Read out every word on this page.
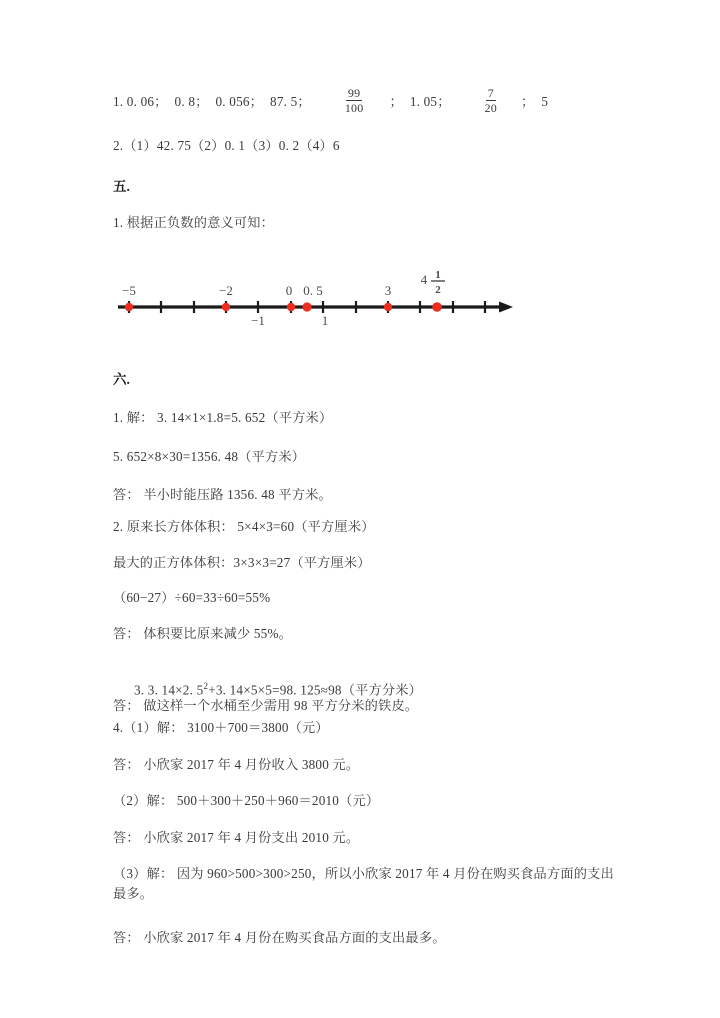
1. 0. 06；  0. 8；  0. 056；  87. 5；	$\frac{99}{100}$ ；  1. 05；	$\frac{7}{20}$ ；  5
2.（1）42. 75（2）0. 1（3）0. 2（4）6
五.
1. 根据正负数的意义可知：
−5	−2	0 0. 5	3
−1	1
4 1
2
六.
1. 解： 3. 14×1×1.8=5. 652（平方米）
5. 652×8×30=1356. 48（平方米）
答： 半小时能压路 1356. 48 平方米。
2. 原来长方体体积： 5×4×3=60（平方厘米）
最大的正方体体积：3×3×3=27（平方厘米）
（60−27）÷60=33÷60=55%
答： 体积要比原来减少 55%。

3. 3. 14×2. $5^2+3$. 14×5×5=98. 125≈98（平方分米）

答： 做这样一个水桶至少需用 98 平方分米的铁皮。
4.（1）解： 3100＋700＝3800（元）
答： 小欣家 2017 年 4 月份收入 3800 元。
（2）解： 500＋300＋250＋960＝2010（元）
答： 小欣家 2017 年 4 月份支出 2010 元。
（3）解： 因为 960>500>300>250，所以小欣家 2017 年 4 月份在购买食品方面的支出最多。
答： 小欣家 2017 年 4 月份在购买食品方面的支出最多。
